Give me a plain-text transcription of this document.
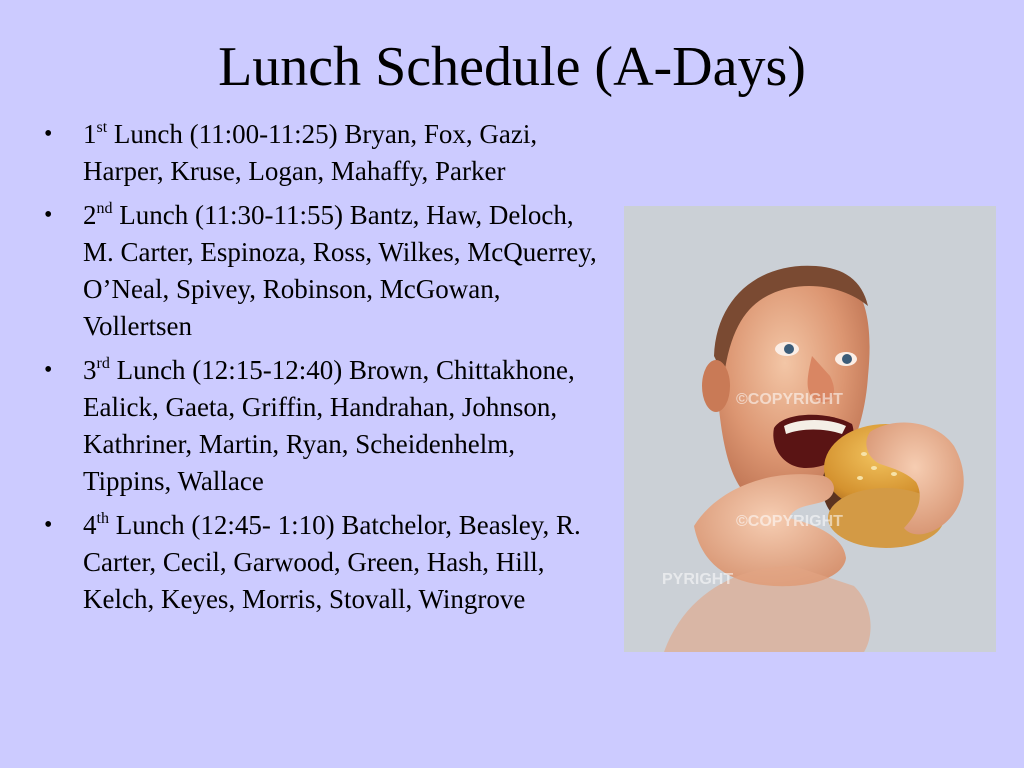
Lunch Schedule (A-Days)
• 1st Lunch (11:00-11:25) Bryan, Fox, Gazi, Harper, Kruse, Logan, Mahaffy, Parker
• 2nd Lunch (11:30-11:55) Bantz, Haw, Deloch, M. Carter, Espinoza, Ross, Wilkes, McQuerrey, O’Neal, Spivey, Robinson, McGowan, Vollertsen
• 3rd Lunch (12:15-12:40) Brown, Chittakhone, Ealick, Gaeta, Griffin, Handrahan, Johnson, Kathriner, Martin, Ryan, Scheidenhelm, Tippins, Wallace
• 4th Lunch (12:45- 1:10) Batchelor, Beasley, R. Carter, Cecil, Garwood, Green, Hash, Hill, Kelch, Keyes, Morris, Stovall, Wingrove
©COPYRIGHT
©COPYRIGHT
PYRIGHT
